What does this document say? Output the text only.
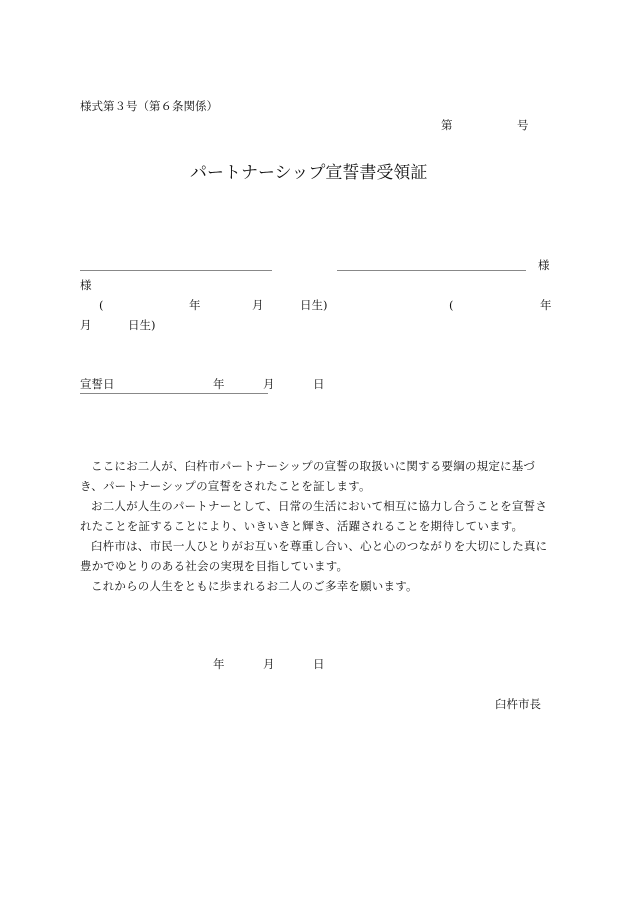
様式第３号（第６条関係）
第	号
パートナーシップ宣誓書受領証
様
様
(	年	月	日生)	(	年
月	日生)
宣誓日	年	月	日

ここにお二人が、臼杵市パートナーシップの宣誓の取扱いに関する要綱の規定に基づき、パートナーシップの宣誓をされたことを証します。

お二人が人生のパートナーとして、日常の生活において相互に協力し合うことを宣誓されたことを証することにより、いきいきと輝き、活躍されることを期待しています。

臼杵市は、市民一人ひとりがお互いを尊重し合い、心と心のつながりを大切にした真に豊かでゆとりのある社会の実現を目指しています。

これからの人生をともに歩まれるお二人のご多幸を願います。

年	月	日
臼杵市長
